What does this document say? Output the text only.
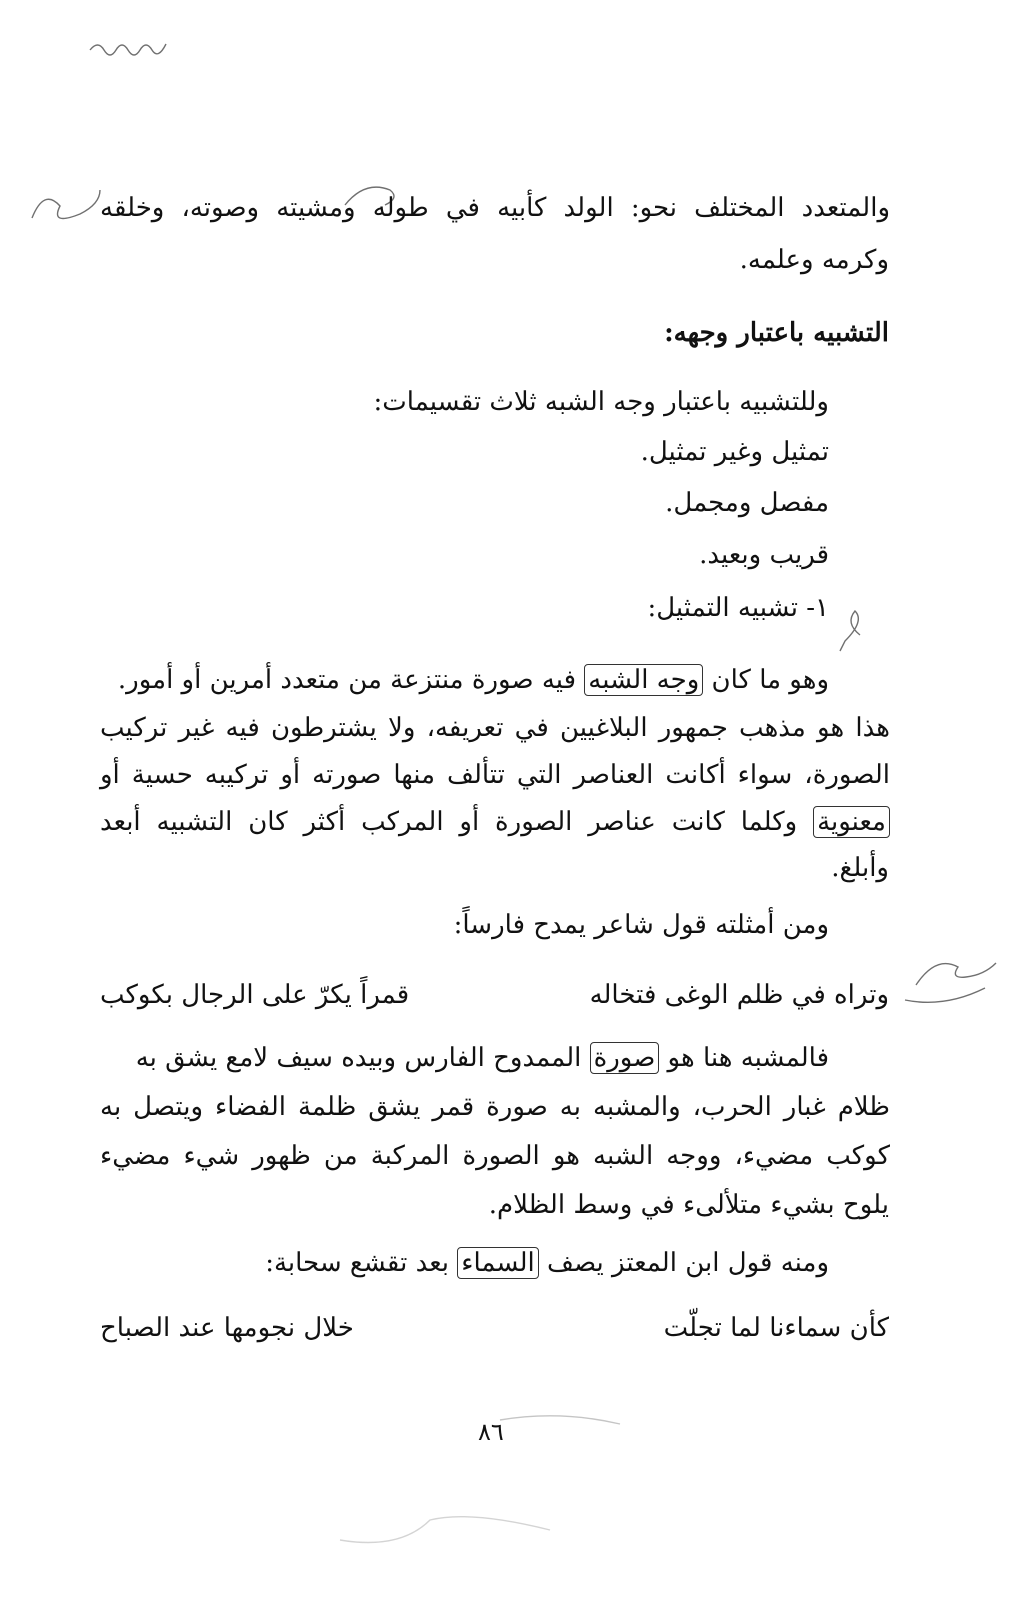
والمتعدد المختلف نحو: الولد كأبيه في طوله ومشيته وصوته، وخلقه
وكرمه وعلمه.
التشبيه باعتبار وجهه:
وللتشبيه باعتبار وجه الشبه ثلاث تقسيمات:
تمثيل وغير تمثيل.
مفصل ومجمل.
قريب وبعيد.
١- تشبيه التمثيل:
وهو ما كان وجه الشبه فيه صورة منتزعة من متعدد أمرين أو أمور.
هذا هو مذهب جمهور البلاغيين في تعريفه، ولا يشترطون فيه غير تركيب
الصورة، سواء أكانت العناصر التي تتألف منها صورته أو تركيبه حسية أو
معنوية وكلما كانت عناصر الصورة أو المركب أكثر كان التشبيه أبعد
وأبلغ.
ومن أمثلته قول شاعر يمدح فارساً:
وتراه في ظلم الوغى فتخاله
قمراً يكرّ على الرجال بكوكب
فالمشبه هنا هو صورة الممدوح الفارس وبيده سيف لامع يشق به
ظلام غبار الحرب، والمشبه به صورة قمر يشق ظلمة الفضاء ويتصل به
كوكب مضيء، ووجه الشبه هو الصورة المركبة من ظهور شيء مضيء
يلوح بشيء متلألىء في وسط الظلام.
ومنه قول ابن المعتز يصف السماء بعد تقشع سحابة:
كأن سماءنا لما تجلّت
خلال نجومها عند الصباح
٨٦
